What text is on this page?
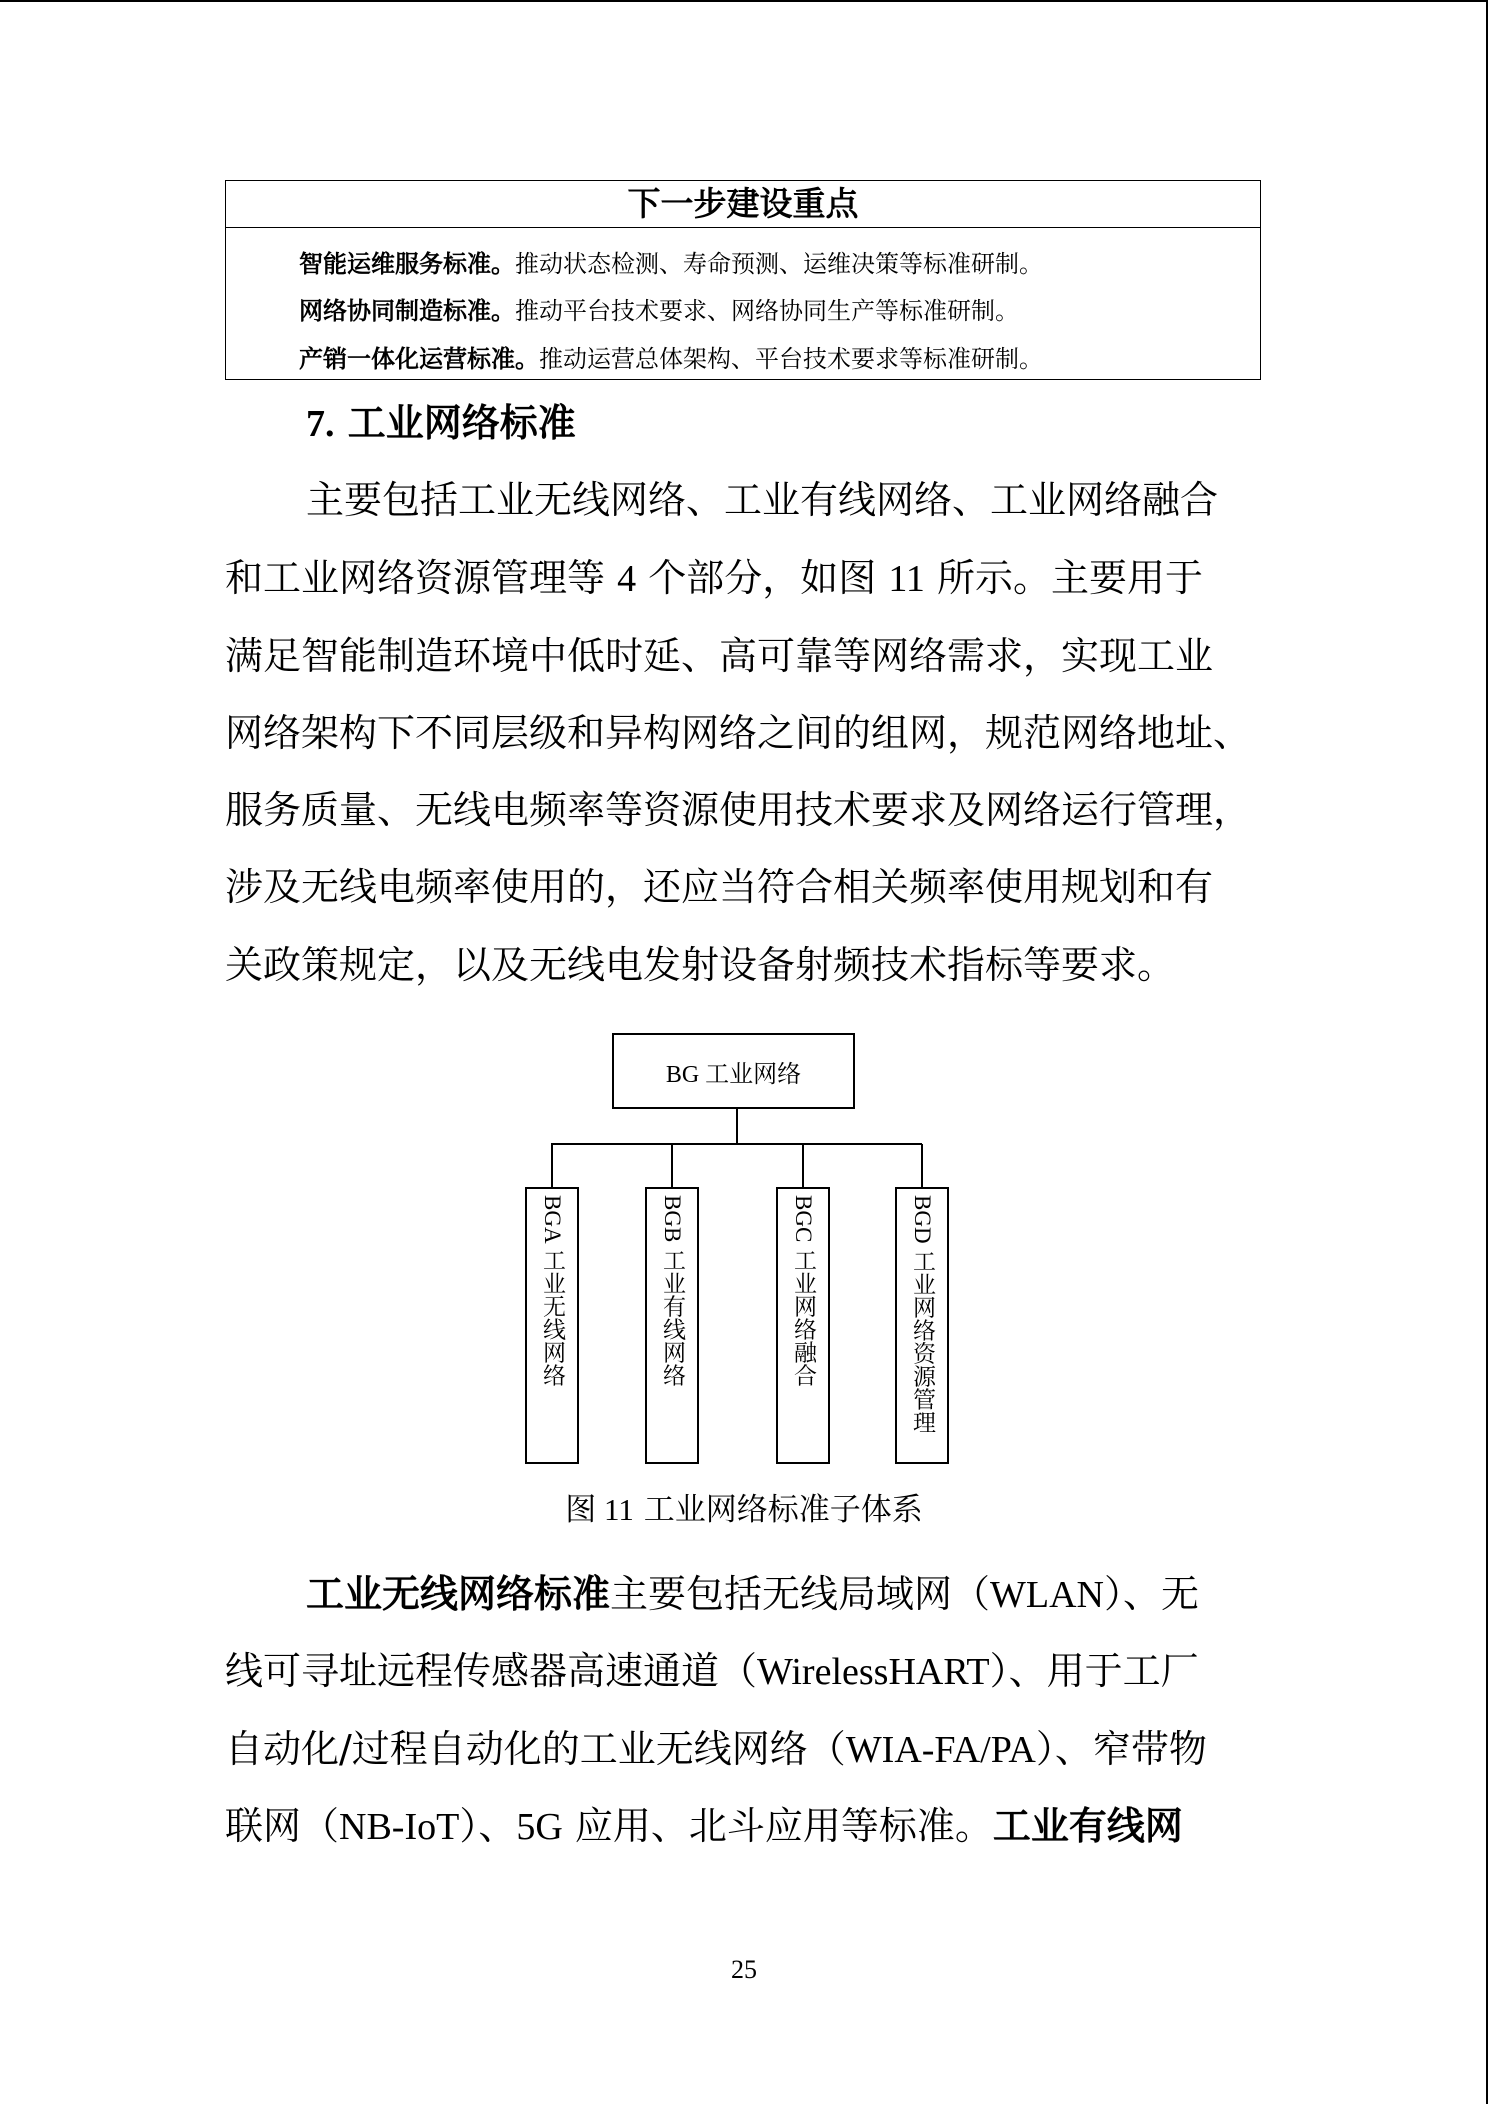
下一步建设重点
智能运维服务标准。推动状态检测、寿命预测、运维决策等标准研制。
网络协同制造标准。推动平台技术要求、网络协同生产等标准研制。
产销一体化运营标准。推动运营总体架构、平台技术要求等标准研制。
7. 工业网络标准
主要包括工业无线网络、工业有线网络、工业网络融合
和工业网络资源管理等 4 个部分，如图 11 所示。主要用于
满足智能制造环境中低时延、高可靠等网络需求，实现工业
网络架构下不同层级和异构网络之间的组网，规范网络地址、
服务质量、无线电频率等资源使用技术要求及网络运行管理，
涉及无线电频率使用的，还应当符合相关频率使用规划和有
关政策规定，以及无线电发射设备射频技术指标等要求。
BG 工业网络
BGA 工业无线网络	BGB 工业有线网络	BGC 工业网络融合	BGD 工业网络资源管理
图 11 工业网络标准子体系
工业无线网络标准主要包括无线局域网（WLAN）、无
线可寻址远程传感器高速通道（WirelessHART）、用于工厂
自动化/过程自动化的工业无线网络（WIA-FA/PA）、窄带物
联网（NB-IoT）、5G 应用、北斗应用等标准。工业有线网
25
